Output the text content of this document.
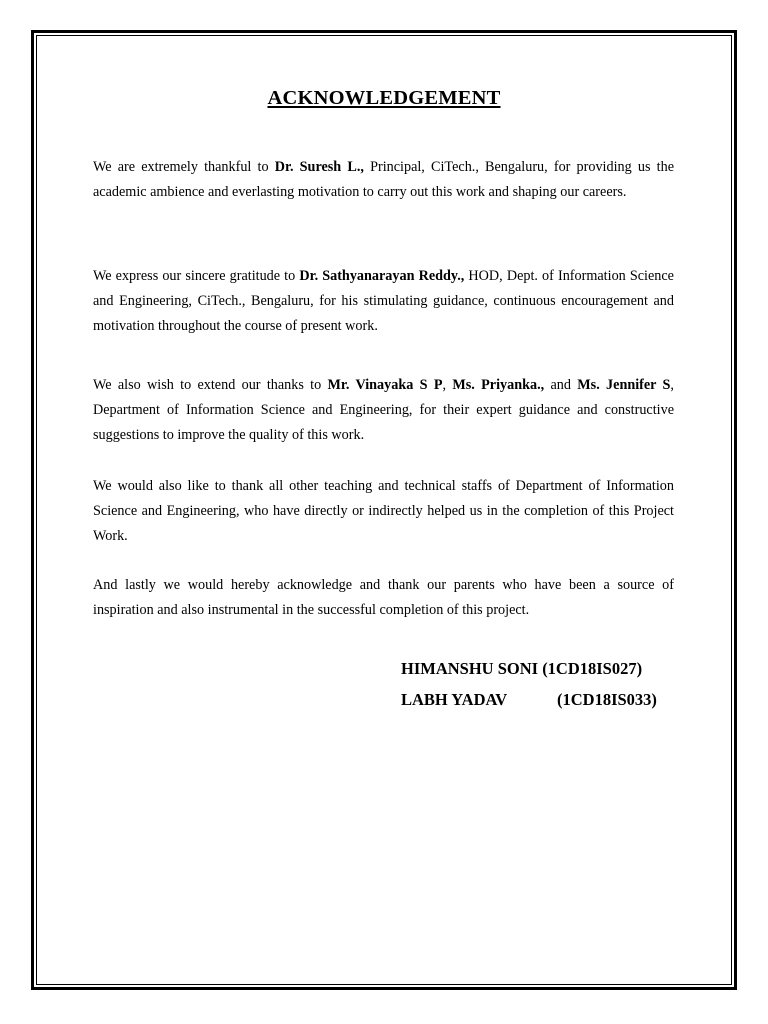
ACKNOWLEDGEMENT

We are extremely thankful to Dr. Suresh L., Principal, CiTech., Bengaluru, for providing us the academic ambience and everlasting motivation to carry out this work and shaping our careers.

We express our sincere gratitude to Dr. Sathyanarayan Reddy., HOD, Dept. of Information Science and Engineering, CiTech., Bengaluru, for his stimulating guidance, continuous encouragement and motivation throughout the course of present work.

We also wish to extend our thanks to Mr. Vinayaka S P, Ms. Priyanka., and Ms. Jennifer S, Department of Information Science and Engineering, for their expert guidance and constructive suggestions to improve the quality of this work.

We would also like to thank all other teaching and technical staffs of Department of Information Science and Engineering, who have directly or indirectly helped us in the completion of this Project Work.

And lastly we would hereby acknowledge and thank our parents who have been a source of inspiration and also instrumental in the successful completion of this project.

HIMANSHU SONI (1CD18IS027)
LABH YADAV	(1CD18IS033)
